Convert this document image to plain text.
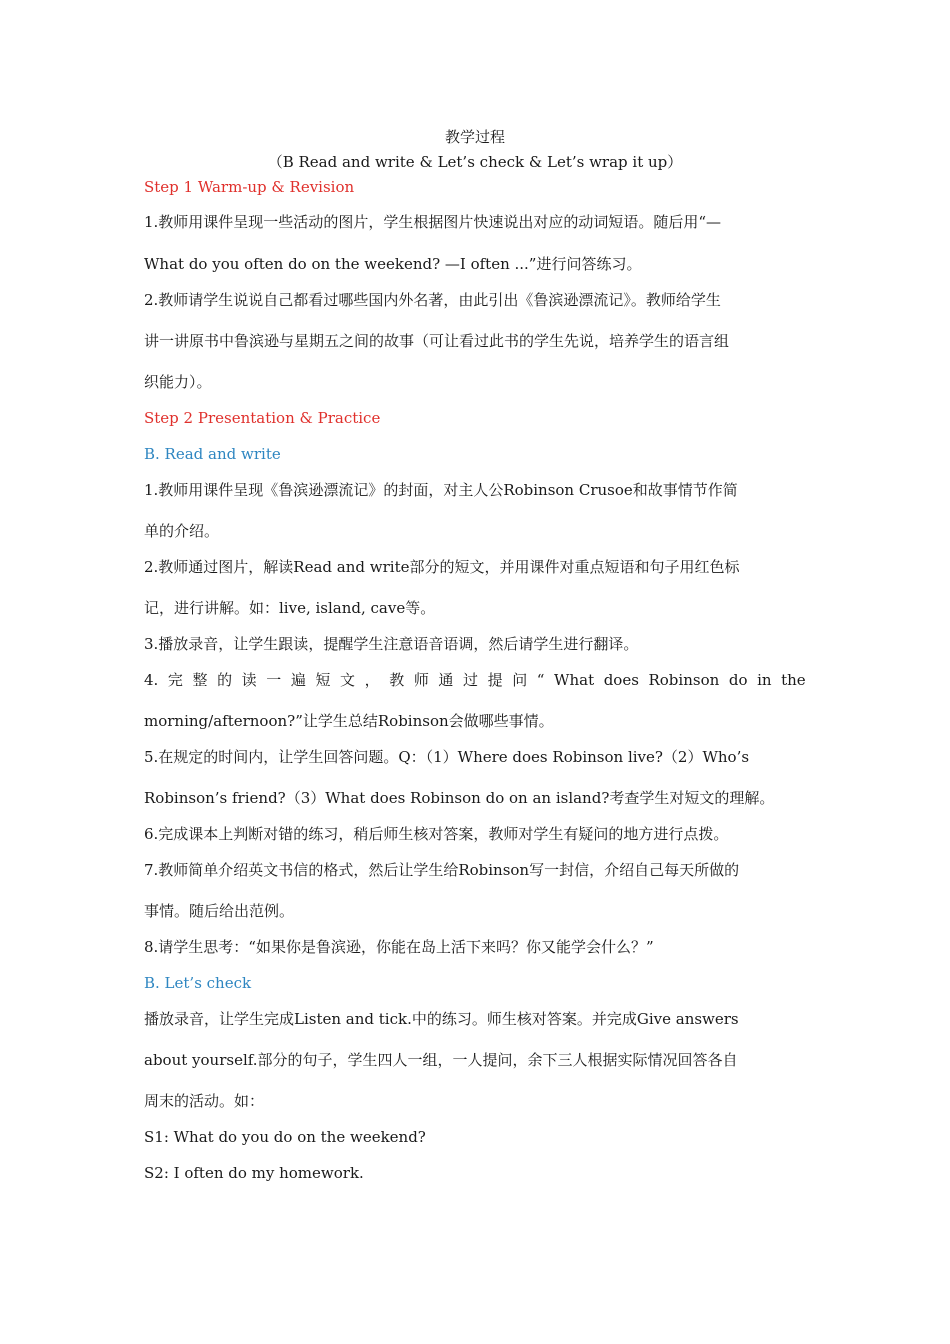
教学过程
（B Read and write & Let’s check & Let’s wrap it up）
Step 1 Warm-up & Revision
1.教师用课件呈现一些活动的图片，学生根据图片快速说出对应的动词短语。随后用“—
What do you often do on the weekend? —I often ...”进行问答练习。
2.教师请学生说说自己都看过哪些国内外名著，由此引出《鲁滨逊漂流记》。教师给学生
讲一讲原书中鲁滨逊与星期五之间的故事（可让看过此书的学生先说，培养学生的语言组
织能力）。
Step 2 Presentation & Practice
B. Read and write
1.教师用课件呈现《鲁滨逊漂流记》的封面，对主人公Robinson Crusoe和故事情节作简
单的介绍。
2.教师通过图片，解读Read and write部分的短文，并用课件对重点短语和句子用红色标
记，进行讲解。如：live, island, cave等。
3.播放录音，让学生跟读，提醒学生注意语音语调，然后请学生进行翻译。
4. 完 整 的 读 一 遍 短 文 ， 教 师 通 过 提 问 “ What does Robinson do in the
morning/afternoon?”让学生总结Robinson会做哪些事情。
5.在规定的时间内，让学生回答问题。Q：（1）Where does Robinson live?（2）Who’s
Robinson’s friend?（3）What does Robinson do on an island?考查学生对短文的理解。
6.完成课本上判断对错的练习，稍后师生核对答案，教师对学生有疑问的地方进行点拨。
7.教师简单介绍英文书信的格式，然后让学生给Robinson写一封信，介绍自己每天所做的
事情。随后给出范例。
8.请学生思考：“如果你是鲁滨逊，你能在岛上活下来吗？你又能学会什么？”
B. Let’s check
播放录音，让学生完成Listen and tick.中的练习。师生核对答案。并完成Give answers
about yourself.部分的句子，学生四人一组，一人提问，余下三人根据实际情况回答各自
周末的活动。如：
S1: What do you do on the weekend?
S2: I often do my homework.
